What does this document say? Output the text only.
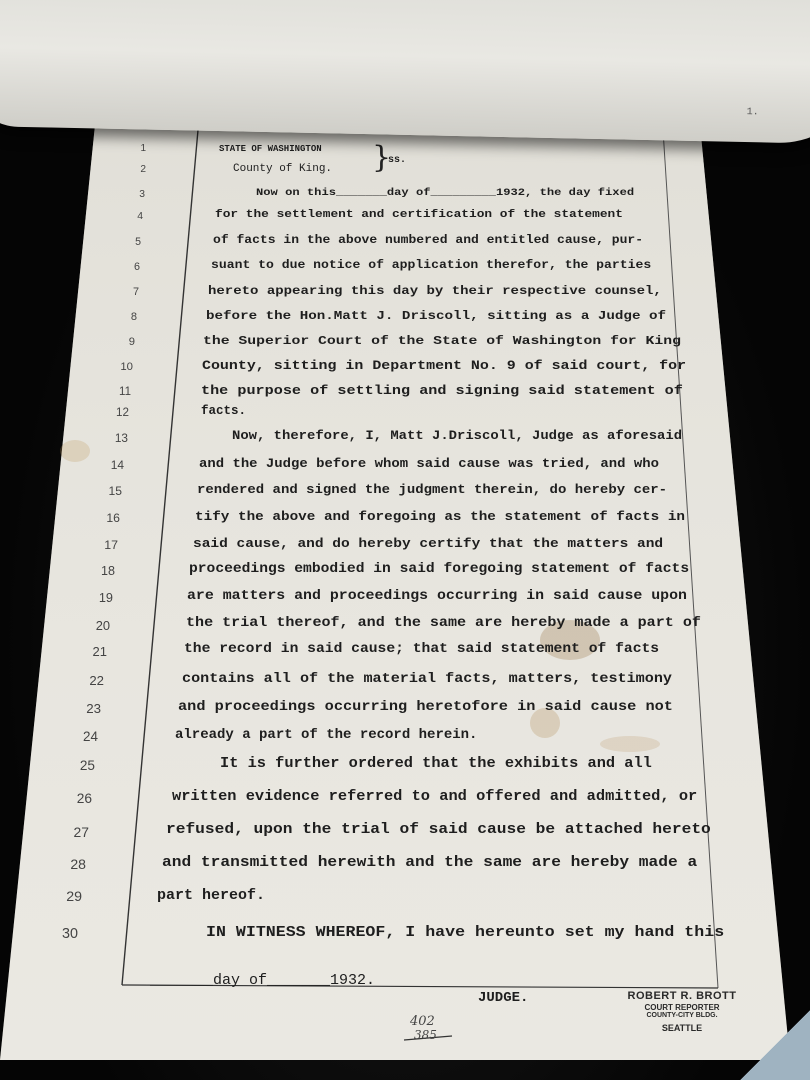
STATE OF WASHINGTON
County of King. }
ss.
1
2
3	Now on this_______day of_________1932, the day fixed
4	for the settlement and certification of the statement
5	of facts in the above numbered and entitled cause, pur-
6	suant to due notice of application therefor, the parties
7	hereto appearing this day by their respective counsel,
8	before the Hon.Matt J. Driscoll, sitting as a Judge of
9	the Superior Court of the State of Washington for King
10	County, sitting in Department No. 9 of said court, for
11	the purpose of settling and signing said statement of
12	facts.
13	Now, therefore, I, Matt J.Driscoll, Judge as aforesaid
14	and the Judge before whom said cause was tried, and who
15	rendered and signed the judgment therein, do hereby cer-
16	tify the above and foregoing as the statement of facts in
17	said cause, and do hereby certify that the matters and
18	proceedings embodied in said foregoing statement of facts
19	are matters and proceedings occurring in said cause upon
20	the trial thereof, and the same are hereby made a part of
21	the record in said cause; that said statement of facts
22	contains all of the material facts, matters, testimony
23	and proceedings occurring heretofore in said cause not
24	already a part of the record herein.
25	It is further ordered that the exhibits and all
26	written evidence referred to and offered and admitted, or
27	refused, upon the trial of said cause be attached hereto
28	and transmitted herewith and the same are hereby made a
29	part hereof.
30	IN WITNESS WHEREOF, I have hereunto set my hand this
_______day of_______1932.
JUDGE.	ROBERT R. BROTT
COURT REPORTER
COUNTY-CITY BLDG.
SEATTLE
402
385
1.
